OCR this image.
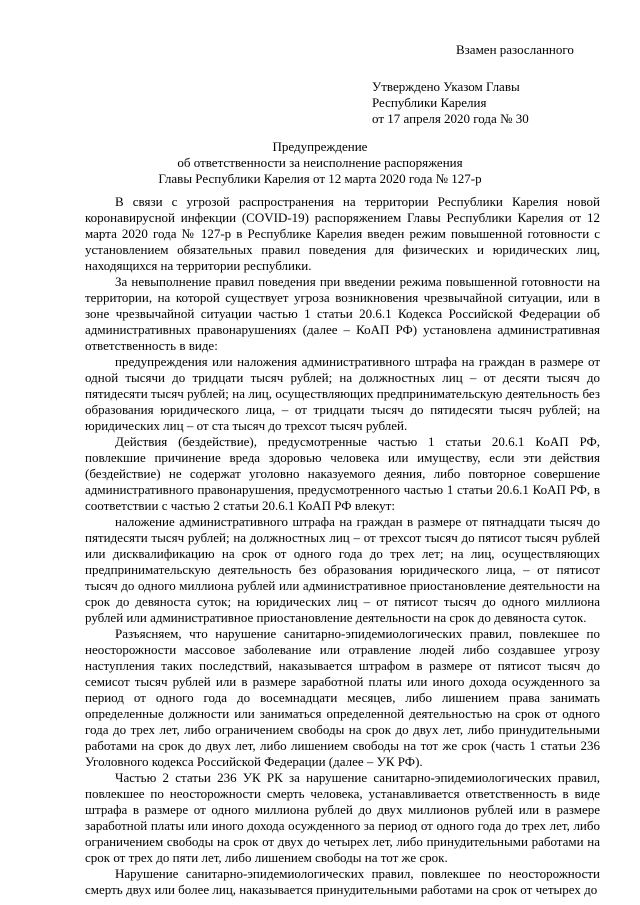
Взамен разосланного
Утверждено Указом Главы
Республики Карелия
от 17 апреля 2020 года № 30
Предупреждение
об ответственности за неисполнение распоряжения
Главы Республики Карелия от 12 марта 2020 года № 127-р

В связи с угрозой распространения на территории Республики Карелия новой коронавирусной инфекции (COVID-19) распоряжением Главы Республики Карелия от 12 марта 2020 года № 127-р в Республике Карелия введен режим повышенной готовности с установлением обязательных правил поведения для физических и юридических лиц, находящихся на территории республики.

За невыполнение правил поведения при введении режима повышенной готовности на территории, на которой существует угроза возникновения чрезвычайной ситуации, или в зоне чрезвычайной ситуации частью 1 статьи 20.6.1 Кодекса Российской Федерации об административных правонарушениях (далее – КоАП РФ) установлена административная ответственность в виде:

предупреждения или наложения административного штрафа на граждан в размере от одной тысячи до тридцати тысяч рублей; на должностных лиц – от десяти тысяч до пятидесяти тысяч рублей; на лиц, осуществляющих предпринимательскую деятельность без образования юридического лица, – от тридцати тысяч до пятидесяти тысяч рублей; на юридических лиц – от ста тысяч до трехсот тысяч рублей.

Действия (бездействие), предусмотренные частью 1 статьи 20.6.1 КоАП РФ, повлекшие причинение вреда здоровью человека или имуществу, если эти действия (бездействие) не содержат уголовно наказуемого деяния, либо повторное совершение административного правонарушения, предусмотренного частью 1 статьи 20.6.1 КоАП РФ, в соответствии с частью 2 статьи 20.6.1 КоАП РФ влекут:

наложение административного штрафа на граждан в размере от пятнадцати тысяч до пятидесяти тысяч рублей; на должностных лиц – от трехсот тысяч до пятисот тысяч рублей или дисквалификацию на срок от одного года до трех лет; на лиц, осуществляющих предпринимательскую деятельность без образования юридического лица, – от пятисот тысяч до одного миллиона рублей или административное приостановление деятельности на срок до девяноста суток; на юридических лиц – от пятисот тысяч до одного миллиона рублей или административное приостановление деятельности на срок до девяноста суток.

Разъясняем, что нарушение санитарно-эпидемиологических правил, повлекшее по неосторожности массовое заболевание или отравление людей либо создавшее угрозу наступления таких последствий, наказывается штрафом в размере от пятисот тысяч до семисот тысяч рублей или в размере заработной платы или иного дохода осужденного за период от одного года до восемнадцати месяцев, либо лишением права занимать определенные должности или заниматься определенной деятельностью на срок от одного года до трех лет, либо ограничением свободы на срок до двух лет, либо принудительными работами на срок до двух лет, либо лишением свободы на тот же срок (часть 1 статьи 236 Уголовного кодекса Российской Федерации (далее – УК РФ).

Частью 2 статьи 236 УК РК за нарушение санитарно-эпидемиологических правил, повлекшее по неосторожности смерть человека, устанавливается ответственность в виде штрафа в размере от одного миллиона рублей до двух миллионов рублей или в размере заработной платы или иного дохода осужденного за период от одного года до трех лет, либо ограничением свободы на срок от двух до четырех лет, либо принудительными работами на срок от трех до пяти лет, либо лишением свободы на тот же срок.

Нарушение санитарно-эпидемиологических правил, повлекшее по неосторожности смерть двух или более лиц, наказывается принудительными работами на срок от четырех до
